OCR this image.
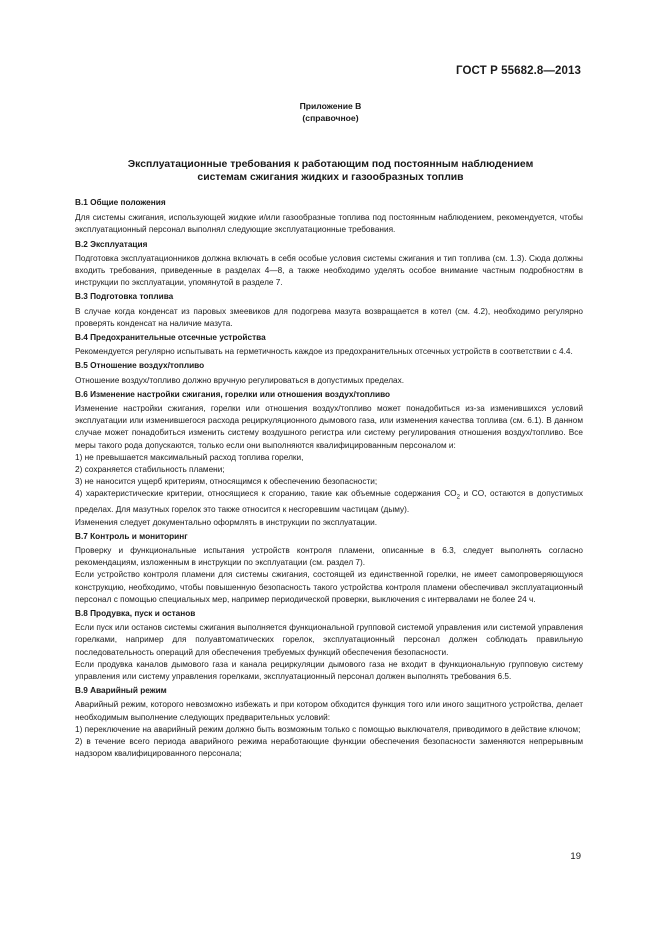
ГОСТ Р 55682.8—2013
Приложение В
(справочное)
Эксплуатационные требования к работающим под постоянным наблюдением
системам сжигания жидких и газообразных топлив

В.1 Общие положения

Для системы сжигания, использующей жидкие и/или газообразные топлива под постоянным наблюдением, рекомендуется, чтобы эксплуатационный персонал выполнял следующие эксплуатационные требования.

В.2 Эксплуатация

Подготовка эксплуатационников должна включать в себя особые условия системы сжигания и тип топлива (см. 1.3). Сюда должны входить требования, приведенные в разделах 4—8, а также необходимо уделять особое внимание частным подробностям в инструкции по эксплуатации, упомянутой в разделе 7.

В.3 Подготовка топлива

В случае когда конденсат из паровых змеевиков для подогрева мазута возвращается в котел (см. 4.2), необходимо регулярно проверять конденсат на наличие мазута.

В.4 Предохранительные отсечные устройства

Рекомендуется регулярно испытывать на герметичность каждое из предохранительных отсечных устройств в соответствии с 4.4.

В.5 Отношение воздух/топливо

Отношение воздух/топливо должно вручную регулироваться в допустимых пределах.

В.6 Изменение настройки сжигания, горелки или отношения воздух/топливо

Изменение настройки сжигания, горелки или отношения воздух/топливо может понадобиться из-за изменившихся условий эксплуатации или изменившегося расхода рециркуляционного дымового газа, или изменения качества топлива (см. 6.1). В данном случае может понадобиться изменить систему воздушного регистра или систему регулирования отношения воздух/топливо. Все меры такого рода допускаются, только если они выполняются квалифицированным персоналом и:

1) не превышается максимальный расход топлива горелки,

2) сохраняется стабильность пламени;

3) не наносится ущерб критериям, относящимся к обеспечению безопасности;

4) характеристические критерии, относящиеся к сгоранию, такие как объемные содержания $CO_2$ и CO, остаются в допустимых пределах. Для мазутных горелок это также относится к несгоревшим частицам (дыму).

Изменения следует документально оформлять в инструкции по эксплуатации.

В.7 Контроль и мониторинг

Проверку и функциональные испытания устройств контроля пламени, описанные в 6.3, следует выполнять согласно рекомендациям, изложенным в инструкции по эксплуатации (см. раздел 7).

Если устройство контроля пламени для системы сжигания, состоящей из единственной горелки, не имеет самопроверяющуюся конструкцию, необходимо, чтобы повышенную безопасность такого устройства контроля пламени обеспечивал эксплуатационный персонал с помощью специальных мер, например периодической проверки, выключения с интервалами не более 24 ч.

В.8 Продувка, пуск и останов

Если пуск или останов системы сжигания выполняется функциональной групповой системой управления или системой управления горелками, например для полуавтоматических горелок, эксплуатационный персонал должен соблюдать правильную последовательность операций для обеспечения требуемых функций обеспечения безопасности.

Если продувка каналов дымового газа и канала рециркуляции дымового газа не входит в функциональную групповую систему управления или систему управления горелками, эксплуатационный персонал должен выполнять требования 6.5.

В.9 Аварийный режим

Аварийный режим, которого невозможно избежать и при котором обходится функция того или иного защитного устройства, делает необходимым выполнение следующих предварительных условий:

1) переключение на аварийный режим должно быть возможным только с помощью выключателя, приводимого в действие ключом;

2) в течение всего периода аварийного режима неработающие функции обеспечения безопасности заменяются непрерывным надзором квалифицированного персонала;

19
